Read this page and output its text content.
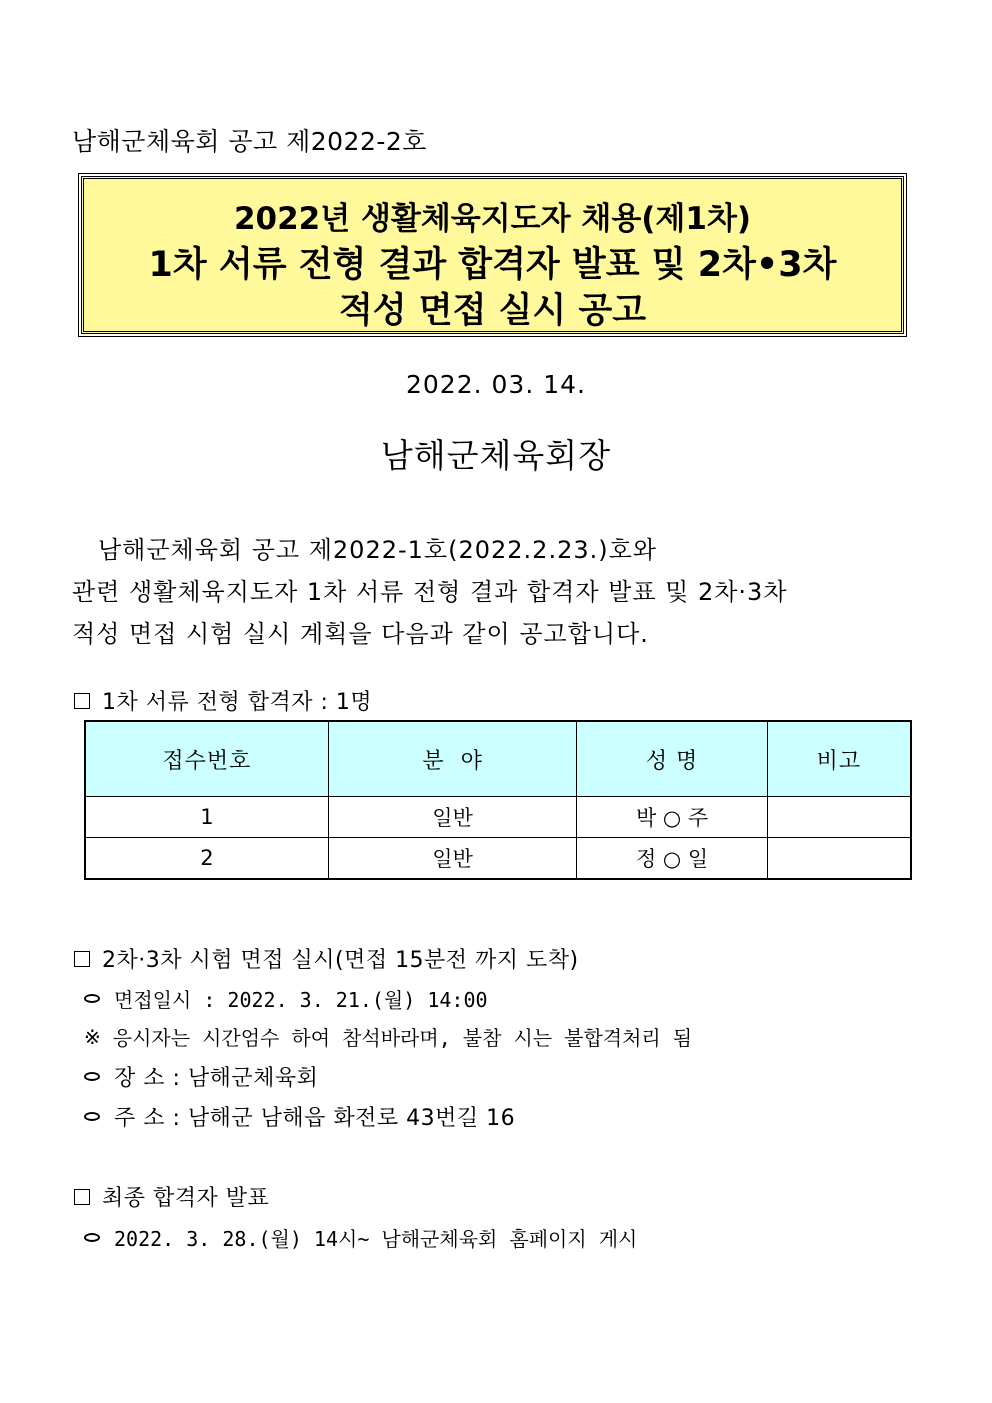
남해군체육회 공고 제2022-2호
2022년 생활체육지도자 채용(제1차)
1차 서류 전형 결과 합격자 발표 및 2차•3차
적성 면접 실시 공고
2022. 03. 14.
남해군체육회장
남해군체육회 공고 제2022-1호(2022.2.23.)호와
관련 생활체육지도자 1차 서류 전형 결과 합격자 발표 및 2차·3차
적성 면접 시험 실시 계획을 다음과 같이 공고합니다.
1차 서류 전형 합격자 : 1명
접수번호	분  야	성 명	비고
1	일반	박 ○ 주	
2	일반	정 ○ 일	
2차·3차 시험 면접 실시(면접 15분전 까지 도착)
면접일시 : 2022. 3. 21.(월) 14:00
※ 응시자는 시간엄수 하여 참석바라며, 불참 시는 불합격처리 됨
장 소 : 남해군체육회
주 소 : 남해군 남해읍 화전로 43번길 16
최종 합격자 발표
2022. 3. 28.(월) 14시~ 남해군체육회 홈페이지 게시
